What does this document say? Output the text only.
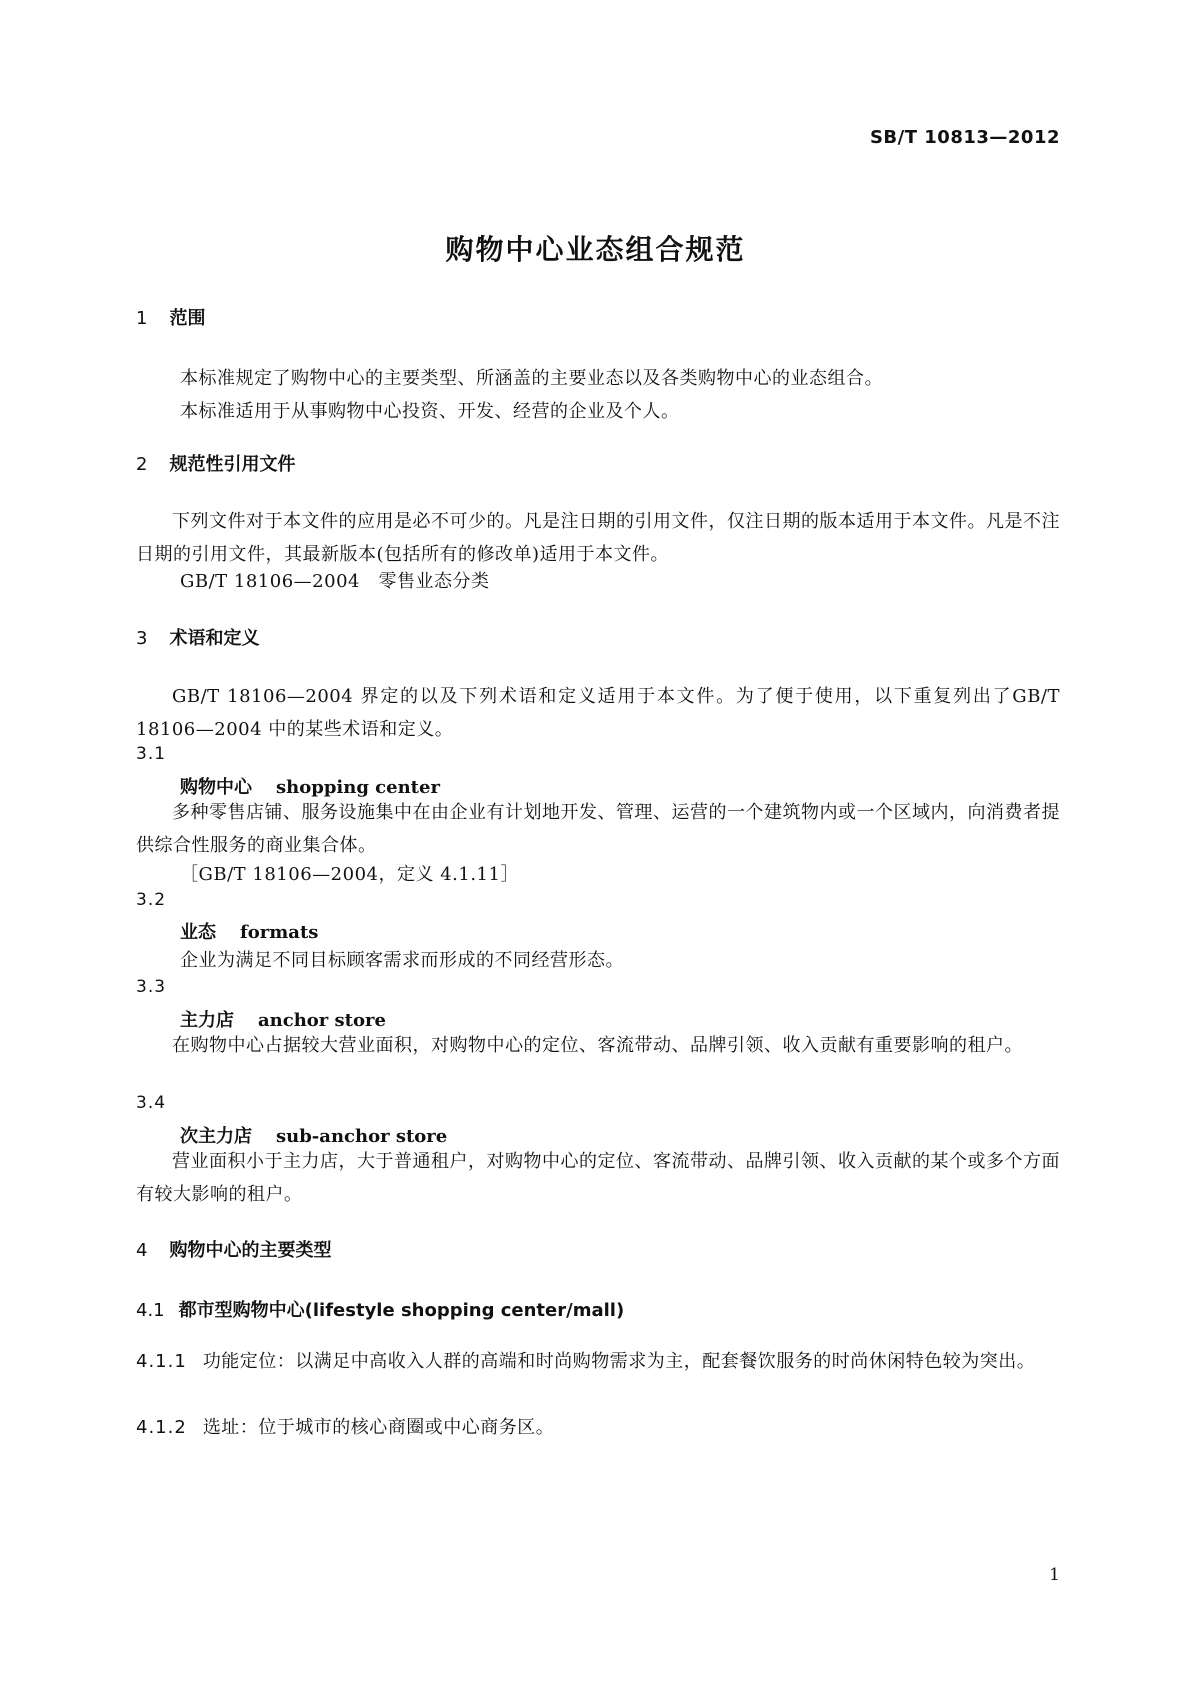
SB/T 10813—2012
购物中心业态组合规范
1 范围
本标准规定了购物中心的主要类型、所涵盖的主要业态以及各类购物中心的业态组合。
本标准适用于从事购物中心投资、开发、经营的企业及个人。
2 规范性引用文件
下列文件对于本文件的应用是必不可少的。凡是注日期的引用文件，仅注日期的版本适用于本文件。凡是不注日期的引用文件，其最新版本(包括所有的修改单)适用于本文件。
GB/T 18106—2004　零售业态分类
3 术语和定义
GB/T 18106—2004 界定的以及下列术语和定义适用于本文件。为了便于使用，以下重复列出了GB/T 18106—2004 中的某些术语和定义。
3.1
购物中心 shopping center
多种零售店铺、服务设施集中在由企业有计划地开发、管理、运营的一个建筑物内或一个区域内，向消费者提供综合性服务的商业集合体。
［GB/T 18106—2004，定义 4.1.11］
3.2
业态 formats
企业为满足不同目标顾客需求而形成的不同经营形态。
3.3
主力店 anchor store
在购物中心占据较大营业面积，对购物中心的定位、客流带动、品牌引领、收入贡献有重要影响的租户。
3.4
次主力店 sub-anchor store
营业面积小于主力店，大于普通租户，对购物中心的定位、客流带动、品牌引领、收入贡献的某个或多个方面有较大影响的租户。
4 购物中心的主要类型
4.1 都市型购物中心(lifestyle shopping center/mall)
4.1.1 功能定位：以满足中高收入人群的高端和时尚购物需求为主，配套餐饮服务的时尚休闲特色较为突出。
4.1.2 选址：位于城市的核心商圈或中心商务区。
1
